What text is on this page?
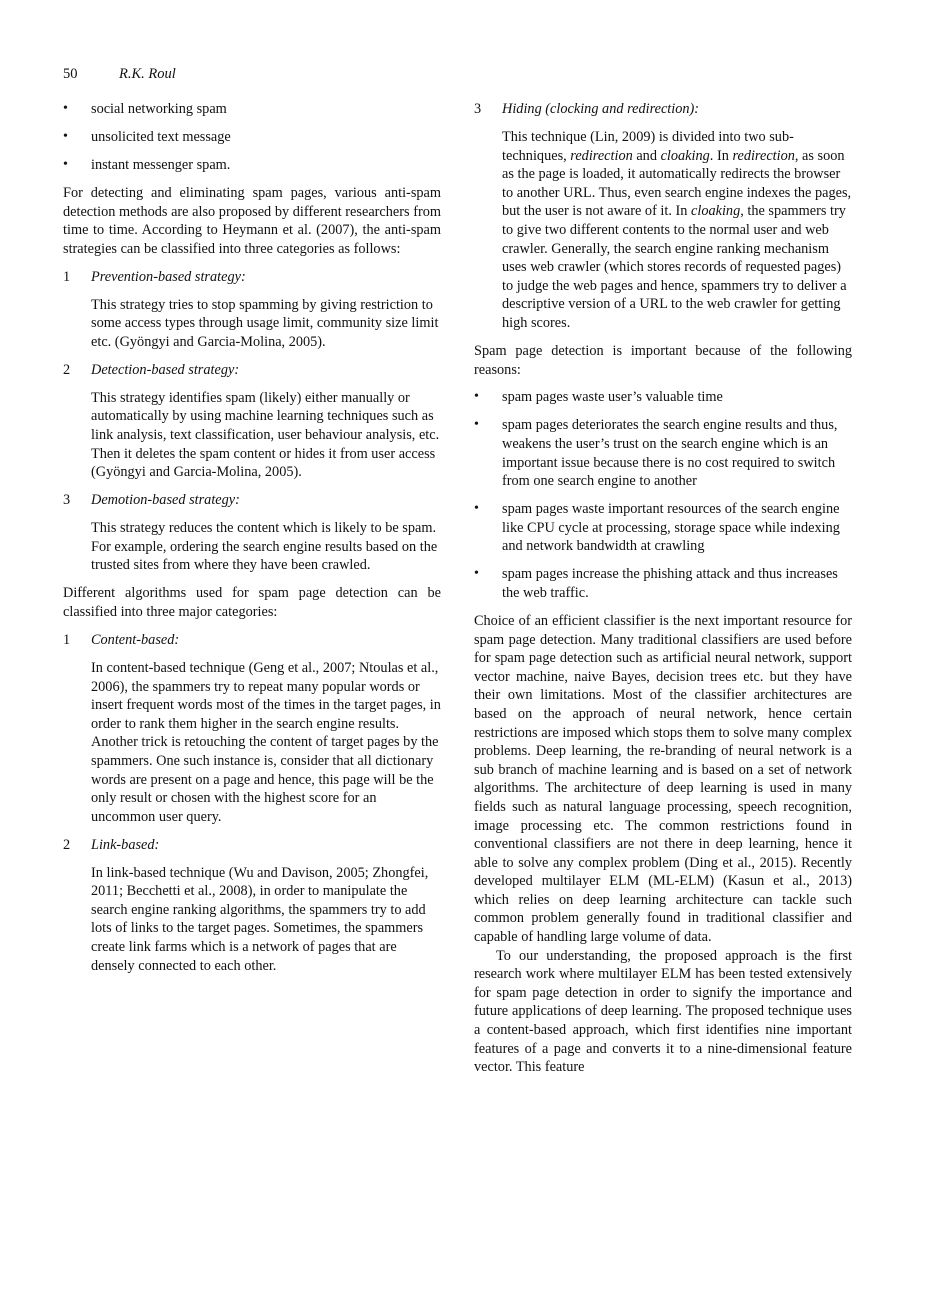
50	R.K. Roul

• social networking spam

• unsolicited text message

• instant messenger spam.

For detecting and eliminating spam pages, various anti-spam detection methods are also proposed by different researchers from time to time. According to Heymann et al. (2007), the anti-spam strategies can be classified into three categories as follows:

1 Prevention-based strategy:

This strategy tries to stop spamming by giving restriction to some access types through usage limit, community size limit etc. (Gyöngyi and Garcia-Molina, 2005).

2 Detection-based strategy:

This strategy identifies spam (likely) either manually or automatically by using machine learning techniques such as link analysis, text classification, user behaviour analysis, etc. Then it deletes the spam content or hides it from user access (Gyöngyi and Garcia-Molina, 2005).

3 Demotion-based strategy:

This strategy reduces the content which is likely to be spam. For example, ordering the search engine results based on the trusted sites from where they have been crawled.

Different algorithms used for spam page detection can be classified into three major categories:

1 Content-based:

In content-based technique (Geng et al., 2007; Ntoulas et al., 2006), the spammers try to repeat many popular words or insert frequent words most of the times in the target pages, in order to rank them higher in the search engine results. Another trick is retouching the content of target pages by the spammers. One such instance is, consider that all dictionary words are present on a page and hence, this page will be the only result or chosen with the highest score for an uncommon user query.

2 Link-based:

In link-based technique (Wu and Davison, 2005; Zhongfei, 2011; Becchetti et al., 2008), in order to manipulate the search engine ranking algorithms, the spammers try to add lots of links to the target pages. Sometimes, the spammers create link farms which is a network of pages that are densely connected to each other.

3 Hiding (clocking and redirection):

This technique (Lin, 2009) is divided into two sub-techniques, redirection and cloaking. In redirection, as soon as the page is loaded, it automatically redirects the browser to another URL. Thus, even search engine indexes the pages, but the user is not aware of it. In cloaking, the spammers try to give two different contents to the normal user and web crawler. Generally, the search engine ranking mechanism uses web crawler (which stores records of requested pages) to judge the web pages and hence, spammers try to deliver a descriptive version of a URL to the web crawler for getting high scores.

Spam page detection is important because of the following reasons:

• spam pages waste user’s valuable time

• spam pages deteriorates the search engine results and thus, weakens the user’s trust on the search engine which is an important issue because there is no cost required to switch from one search engine to another

• spam pages waste important resources of the search engine like CPU cycle at processing, storage space while indexing and network bandwidth at crawling

• spam pages increase the phishing attack and thus increases the web traffic.

Choice of an efficient classifier is the next important resource for spam page detection. Many traditional classifiers are used before for spam page detection such as artificial neural network, support vector machine, naive Bayes, decision trees etc. but they have their own limitations. Most of the classifier architectures are based on the approach of neural network, hence certain restrictions are imposed which stops them to solve many complex problems. Deep learning, the re-branding of neural network is a sub branch of machine learning and is based on a set of network algorithms. The architecture of deep learning is used in many fields such as natural language processing, speech recognition, image processing etc. The common restrictions found in conventional classifiers are not there in deep learning, hence it able to solve any complex problem (Ding et al., 2015). Recently developed multilayer ELM (ML-ELM) (Kasun et al., 2013) which relies on deep learning architecture can tackle such common problem generally found in traditional classifier and capable of handling large volume of data.

To our understanding, the proposed approach is the first research work where multilayer ELM has been tested extensively for spam page detection in order to signify the importance and future applications of deep learning. The proposed technique uses a content-based approach, which first identifies nine important features of a page and converts it to a nine-dimensional feature vector. This feature
